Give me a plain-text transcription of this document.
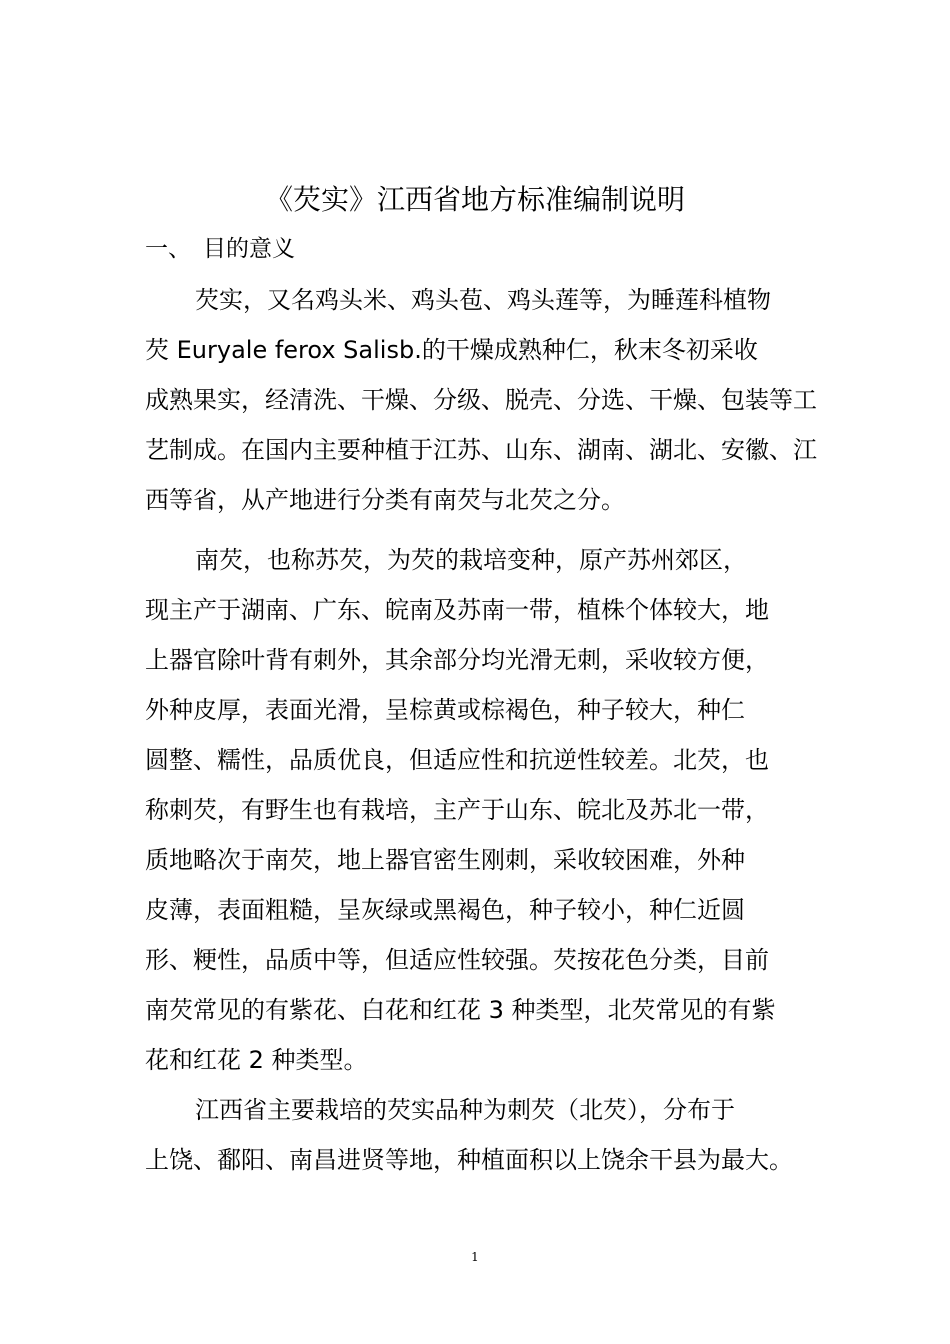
《芡实》江西省地方标准编制说明
一、 目的意义
芡实，又名鸡头米、鸡头苞、鸡头莲等，为睡莲科植物
芡 Euryale ferox Salisb.的干燥成熟种仁，秋末冬初采收
成熟果实，经清洗、干燥、分级、脱壳、分选、干燥、包装等工
艺制成。在国内主要种植于江苏、山东、湖南、湖北、安徽、江
西等省，从产地进行分类有南芡与北芡之分。
南芡，也称苏芡，为芡的栽培变种，原产苏州郊区，
现主产于湖南、广东、皖南及苏南一带，植株个体较大，地
上器官除叶背有刺外，其余部分均光滑无刺，采收较方便，
外种皮厚，表面光滑，呈棕黄或棕褐色，种子较大，种仁
圆整、糯性，品质优良，但适应性和抗逆性较差。北芡，也
称刺芡，有野生也有栽培，主产于山东、皖北及苏北一带，
质地略次于南芡，地上器官密生刚刺，采收较困难，外种
皮薄，表面粗糙，呈灰绿或黑褐色，种子较小，种仁近圆
形、粳性，品质中等，但适应性较强。芡按花色分类，目前
南芡常见的有紫花、白花和红花 3 种类型，北芡常见的有紫
花和红花 2 种类型。
江西省主要栽培的芡实品种为刺芡（北芡），分布于
上饶、鄱阳、南昌进贤等地，种植面积以上饶余干县为最大。
1
